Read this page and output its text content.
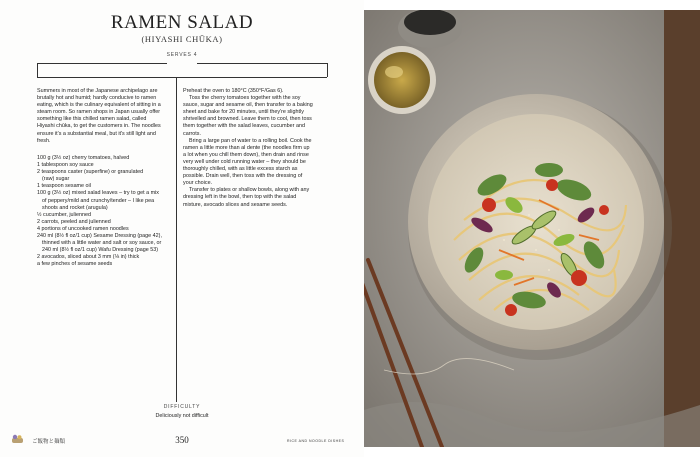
RAMEN SALAD
(HIYASHI CHŪKA)
SERVES 4
Summers in most of the Japanese archipelago are brutally hot and humid; hardly conducive to ramen eating, which is the culinary equivalent of sitting in a steam room. So ramen shops in Japan usually offer something like this chilled ramen salad, called Hiyashi chūka, to get the customers in. The noodles ensure it's a substantial meal, but it's still light and fresh.
100 g (3½ oz) cherry tomatoes, halved
1 tablespoon soy sauce
2 teaspoons caster (superfine) or granulated
(raw) sugar
1 teaspoon sesame oil
100 g (3½ oz) mixed salad leaves – try to get a mix
of peppery/mild and crunchy/tender – I like pea shoots and rocket (arugula)
½ cucumber, julienned
2 carrots, peeled and julienned
4 portions of uncooked ramen noodles
240 ml (8½ fl oz/1 cup) Sesame Dressing (page 42),
thinned with a little water and salt or soy sauce, or 240 ml (8½ fl oz/1 cup) Wafu Dressing (page 53)
2 avocados, sliced about 3 mm (⅛ in) thick
a few pinches of sesame seeds

Preheat the oven to 180°C (350°F/Gas 6).

Toss the cherry tomatoes together with the soy sauce, sugar and sesame oil, then transfer to a baking sheet and bake for 20 minutes, until they're slightly shrivelled and browned. Leave them to cool, then toss them together with the salad leaves, cucumber and carrots.

Bring a large pan of water to a rolling boil. Cook the ramen a little more than al dente (the noodles firm up a lot when you chill them down), then drain and rinse very well under cold running water – they should be thoroughly chilled, with as little excess starch as possible. Drain well, then toss with the dressing of your choice.

Transfer to plates or shallow bowls, along with any dressing left in the bowl, then top with the salad mixture, avocado slices and sesame seeds.

DIFFICULTY
Deliciously not difficult
ご飯物と麺類	350	RICE AND NOODLE DISHES
